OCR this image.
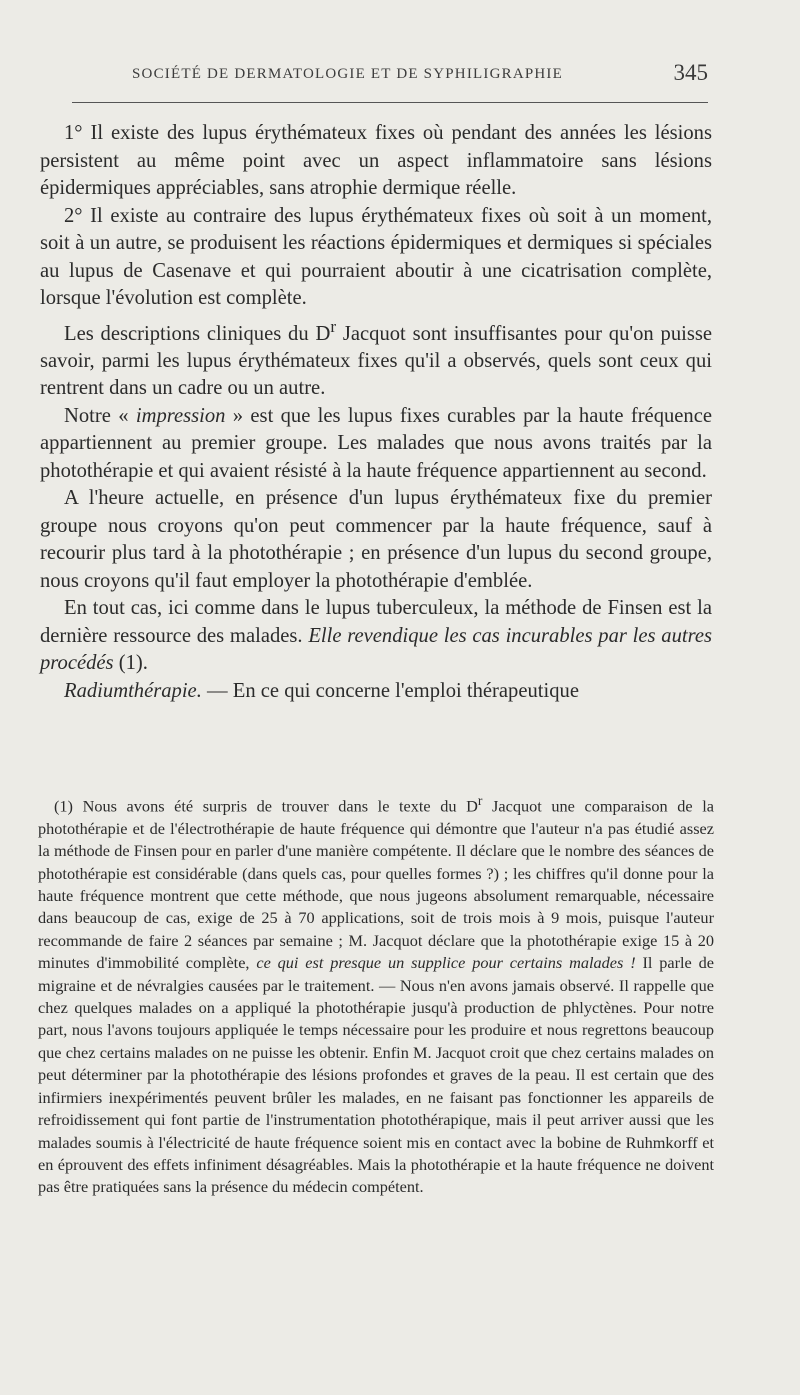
SOCIÉTÉ DE DERMATOLOGIE ET DE SYPHILIGRAPHIE	345

1° Il existe des lupus érythémateux fixes où pendant des années les lésions persistent au même point avec un aspect inflammatoire sans lésions épidermiques appréciables, sans atrophie dermique réelle.

2° Il existe au contraire des lupus érythémateux fixes où soit à un moment, soit à un autre, se produisent les réactions épidermiques et dermiques si spéciales au lupus de Casenave et qui pourraient aboutir à une cicatrisation complète, lorsque l'évolution est complète.

Les descriptions cliniques du $D^r$ Jacquot sont insuffisantes pour qu'on puisse savoir, parmi les lupus érythémateux fixes qu'il a observés, quels sont ceux qui rentrent dans un cadre ou un autre.

Notre « impression » est que les lupus fixes curables par la haute fréquence appartiennent au premier groupe. Les malades que nous avons traités par la photothérapie et qui avaient résisté à la haute fréquence appartiennent au second.

A l'heure actuelle, en présence d'un lupus érythémateux fixe du premier groupe nous croyons qu'on peut commencer par la haute fréquence, sauf à recourir plus tard à la photothérapie ; en présence d'un lupus du second groupe, nous croyons qu'il faut employer la photothérapie d'emblée.

En tout cas, ici comme dans le lupus tuberculeux, la méthode de Finsen est la dernière ressource des malades. Elle revendique les cas incurables par les autres procédés (1).

Radiumthérapie. — En ce qui concerne l'emploi thérapeutique

(1) Nous avons été surpris de trouver dans le texte du $D^r$ Jacquot une comparaison de la photothérapie et de l'électrothérapie de haute fréquence qui démontre que l'auteur n'a pas étudié assez la méthode de Finsen pour en parler d'une manière compétente. Il déclare que le nombre des séances de photothérapie est considérable (dans quels cas, pour quelles formes ?) ; les chiffres qu'il donne pour la haute fréquence montrent que cette méthode, que nous jugeons absolument remarquable, nécessaire dans beaucoup de cas, exige de 25 à 70 applications, soit de trois mois à 9 mois, puisque l'auteur recommande de faire 2 séances par semaine ; M. Jacquot déclare que la photothérapie exige 15 à 20 minutes d'immobilité complète, ce qui est presque un supplice pour certains malades ! Il parle de migraine et de névralgies causées par le traitement. — Nous n'en avons jamais observé. Il rappelle que chez quelques malades on a appliqué la photothérapie jusqu'à production de phlyctènes. Pour notre part, nous l'avons toujours appliquée le temps nécessaire pour les produire et nous regrettons beaucoup que chez certains malades on ne puisse les obtenir. Enfin M. Jacquot croit que chez certains malades on peut déterminer par la photothérapie des lésions profondes et graves de la peau. Il est certain que des infirmiers inexpérimentés peuvent brûler les malades, en ne faisant pas fonctionner les appareils de refroidissement qui font partie de l'instrumentation photothérapique, mais il peut arriver aussi que les malades soumis à l'électricité de haute fréquence soient mis en contact avec la bobine de Ruhmkorff et en éprouvent des effets infiniment désagréables. Mais la photothérapie et la haute fréquence ne doivent pas être pratiquées sans la présence du médecin compétent.
